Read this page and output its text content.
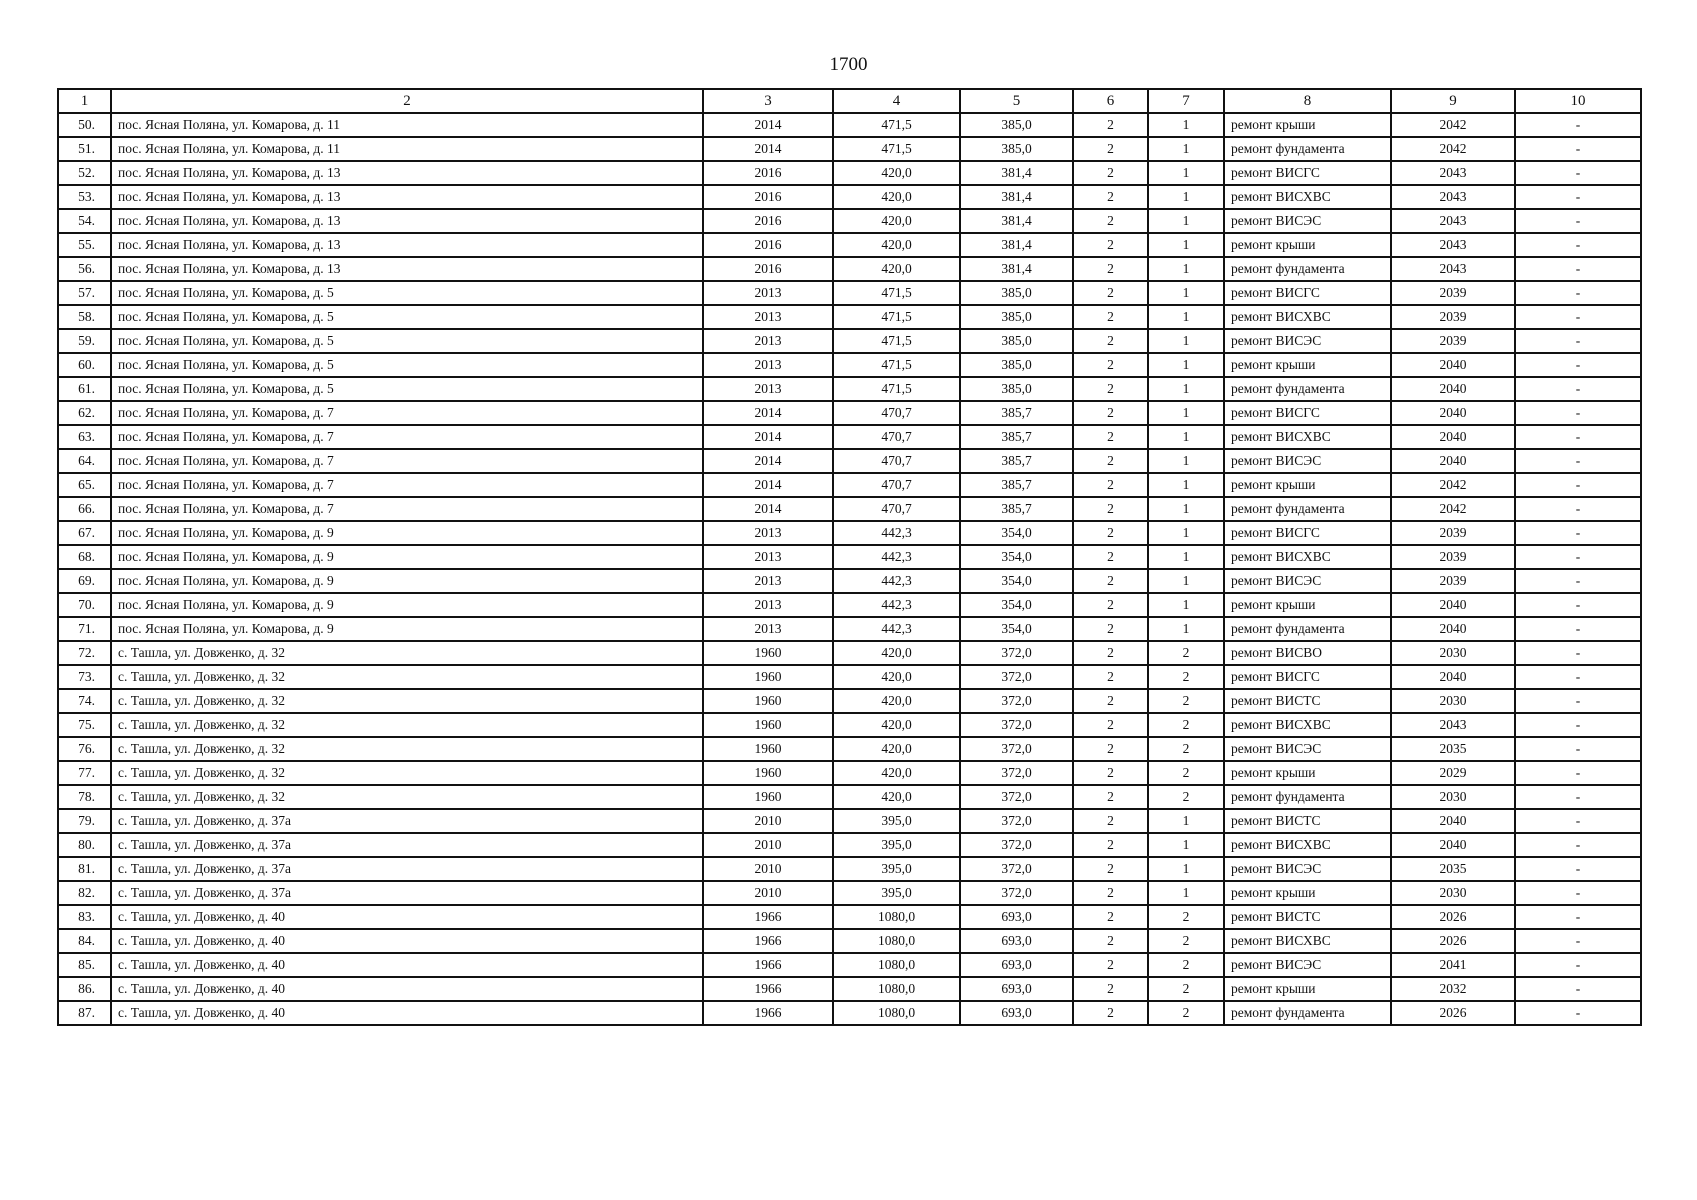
1700
1	2	3	4	5	6	7	8	9	10
50.	пос. Ясная Поляна, ул. Комарова, д. 11	2014	471,5	385,0	2	1	ремонт крыши	2042	-
51.	пос. Ясная Поляна, ул. Комарова, д. 11	2014	471,5	385,0	2	1	ремонт фундамента	2042	-
52.	пос. Ясная Поляна, ул. Комарова, д. 13	2016	420,0	381,4	2	1	ремонт ВИСГС	2043	-
53.	пос. Ясная Поляна, ул. Комарова, д. 13	2016	420,0	381,4	2	1	ремонт ВИСХВС	2043	-
54.	пос. Ясная Поляна, ул. Комарова, д. 13	2016	420,0	381,4	2	1	ремонт ВИСЭС	2043	-
55.	пос. Ясная Поляна, ул. Комарова, д. 13	2016	420,0	381,4	2	1	ремонт крыши	2043	-
56.	пос. Ясная Поляна, ул. Комарова, д. 13	2016	420,0	381,4	2	1	ремонт фундамента	2043	-
57.	пос. Ясная Поляна, ул. Комарова, д. 5	2013	471,5	385,0	2	1	ремонт ВИСГС	2039	-
58.	пос. Ясная Поляна, ул. Комарова, д. 5	2013	471,5	385,0	2	1	ремонт ВИСХВС	2039	-
59.	пос. Ясная Поляна, ул. Комарова, д. 5	2013	471,5	385,0	2	1	ремонт ВИСЭС	2039	-
60.	пос. Ясная Поляна, ул. Комарова, д. 5	2013	471,5	385,0	2	1	ремонт крыши	2040	-
61.	пос. Ясная Поляна, ул. Комарова, д. 5	2013	471,5	385,0	2	1	ремонт фундамента	2040	-
62.	пос. Ясная Поляна, ул. Комарова, д. 7	2014	470,7	385,7	2	1	ремонт ВИСГС	2040	-
63.	пос. Ясная Поляна, ул. Комарова, д. 7	2014	470,7	385,7	2	1	ремонт ВИСХВС	2040	-
64.	пос. Ясная Поляна, ул. Комарова, д. 7	2014	470,7	385,7	2	1	ремонт ВИСЭС	2040	-
65.	пос. Ясная Поляна, ул. Комарова, д. 7	2014	470,7	385,7	2	1	ремонт крыши	2042	-
66.	пос. Ясная Поляна, ул. Комарова, д. 7	2014	470,7	385,7	2	1	ремонт фундамента	2042	-
67.	пос. Ясная Поляна, ул. Комарова, д. 9	2013	442,3	354,0	2	1	ремонт ВИСГС	2039	-
68.	пос. Ясная Поляна, ул. Комарова, д. 9	2013	442,3	354,0	2	1	ремонт ВИСХВС	2039	-
69.	пос. Ясная Поляна, ул. Комарова, д. 9	2013	442,3	354,0	2	1	ремонт ВИСЭС	2039	-
70.	пос. Ясная Поляна, ул. Комарова, д. 9	2013	442,3	354,0	2	1	ремонт крыши	2040	-
71.	пос. Ясная Поляна, ул. Комарова, д. 9	2013	442,3	354,0	2	1	ремонт фундамента	2040	-
72.	с. Ташла, ул. Довженко, д. 32	1960	420,0	372,0	2	2	ремонт ВИСВО	2030	-
73.	с. Ташла, ул. Довженко, д. 32	1960	420,0	372,0	2	2	ремонт ВИСГС	2040	-
74.	с. Ташла, ул. Довженко, д. 32	1960	420,0	372,0	2	2	ремонт ВИСТС	2030	-
75.	с. Ташла, ул. Довженко, д. 32	1960	420,0	372,0	2	2	ремонт ВИСХВС	2043	-
76.	с. Ташла, ул. Довженко, д. 32	1960	420,0	372,0	2	2	ремонт ВИСЭС	2035	-
77.	с. Ташла, ул. Довженко, д. 32	1960	420,0	372,0	2	2	ремонт крыши	2029	-
78.	с. Ташла, ул. Довженко, д. 32	1960	420,0	372,0	2	2	ремонт фундамента	2030	-
79.	с. Ташла, ул. Довженко, д. 37а	2010	395,0	372,0	2	1	ремонт ВИСТС	2040	-
80.	с. Ташла, ул. Довженко, д. 37а	2010	395,0	372,0	2	1	ремонт ВИСХВС	2040	-
81.	с. Ташла, ул. Довженко, д. 37а	2010	395,0	372,0	2	1	ремонт ВИСЭС	2035	-
82.	с. Ташла, ул. Довженко, д. 37а	2010	395,0	372,0	2	1	ремонт крыши	2030	-
83.	с. Ташла, ул. Довженко, д. 40	1966	1080,0	693,0	2	2	ремонт ВИСТС	2026	-
84.	с. Ташла, ул. Довженко, д. 40	1966	1080,0	693,0	2	2	ремонт ВИСХВС	2026	-
85.	с. Ташла, ул. Довженко, д. 40	1966	1080,0	693,0	2	2	ремонт ВИСЭС	2041	-
86.	с. Ташла, ул. Довженко, д. 40	1966	1080,0	693,0	2	2	ремонт крыши	2032	-
87.	с. Ташла, ул. Довженко, д. 40	1966	1080,0	693,0	2	2	ремонт фундамента	2026	-
